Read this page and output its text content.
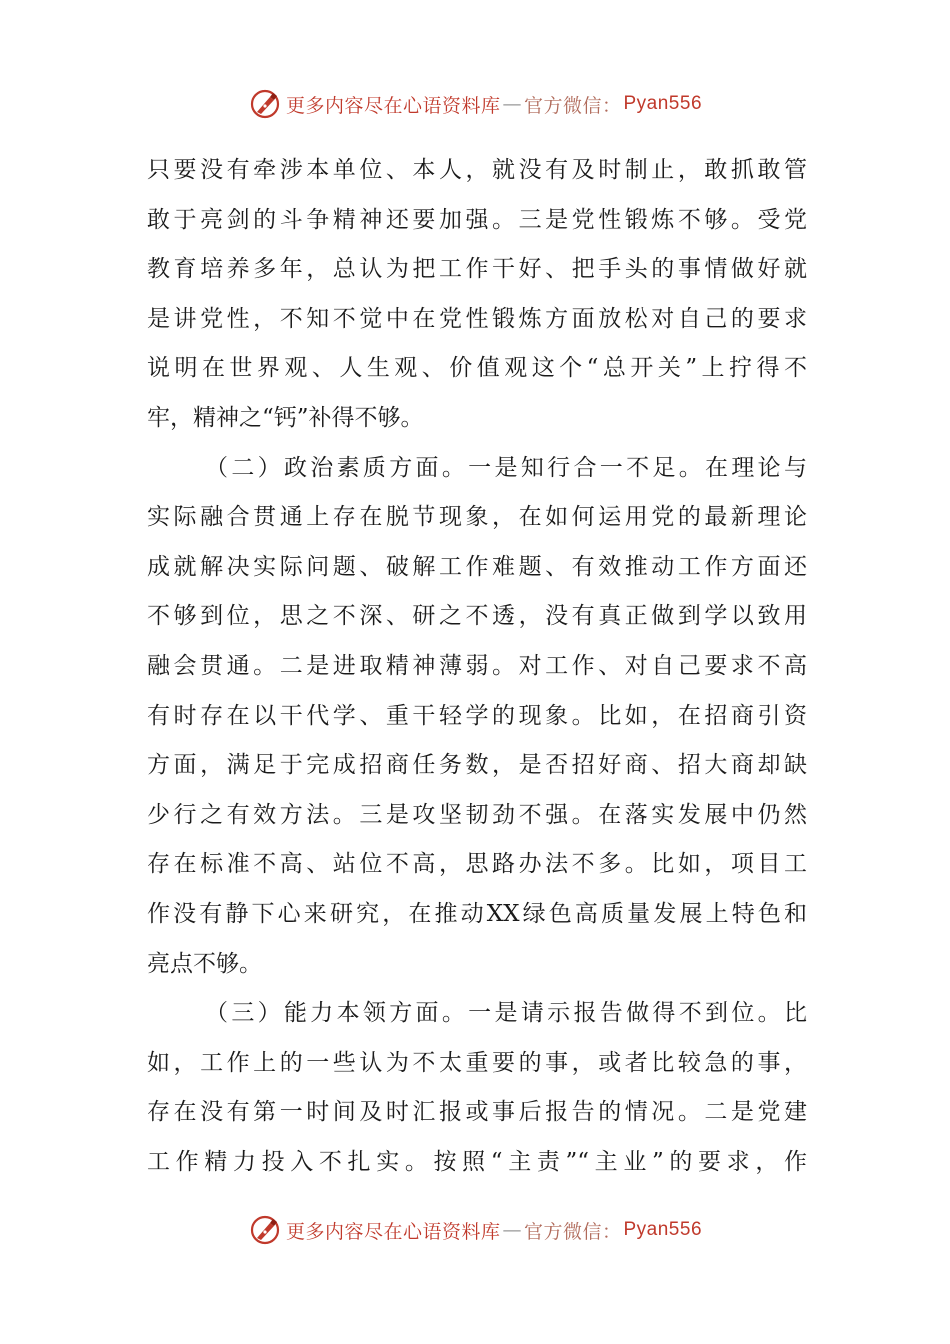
更多内容尽在心语资料库 — 官方微信： Pyan556
只要没有牵涉本单位、本人，就没有及时制止，敢抓敢管
敢于亮剑的斗争精神还要加强。三是党性锻炼不够。受党
教育培养多年，总认为把工作干好、把手头的事情做好就
是讲党性，不知不觉中在党性锻炼方面放松对自己的要求
说明在世界观、人生观、价值观这个“总开关”上拧得不
牢，精神之“钙”补得不够。
（二）政治素质方面。一是知行合一不足。在理论与
实际融合贯通上存在脱节现象，在如何运用党的最新理论
成就解决实际问题、破解工作难题、有效推动工作方面还
不够到位，思之不深、研之不透，没有真正做到学以致用
融会贯通。二是进取精神薄弱。对工作、对自己要求不高
有时存在以干代学、重干轻学的现象。比如，在招商引资
方面，满足于完成招商任务数，是否招好商、招大商却缺
少行之有效方法。三是攻坚韧劲不强。在落实发展中仍然
存在标准不高、站位不高，思路办法不多。比如，项目工
作没有静下心来研究，在推动XX绿色高质量发展上特色和
亮点不够。
（三）能力本领方面。一是请示报告做得不到位。比
如，工作上的一些认为不太重要的事，或者比较急的事，
存在没有第一时间及时汇报或事后报告的情况。二是党建
工作精力投入不扎实。按照“主责”“主业”的要求，作
更多内容尽在心语资料库 — 官方微信： Pyan556
